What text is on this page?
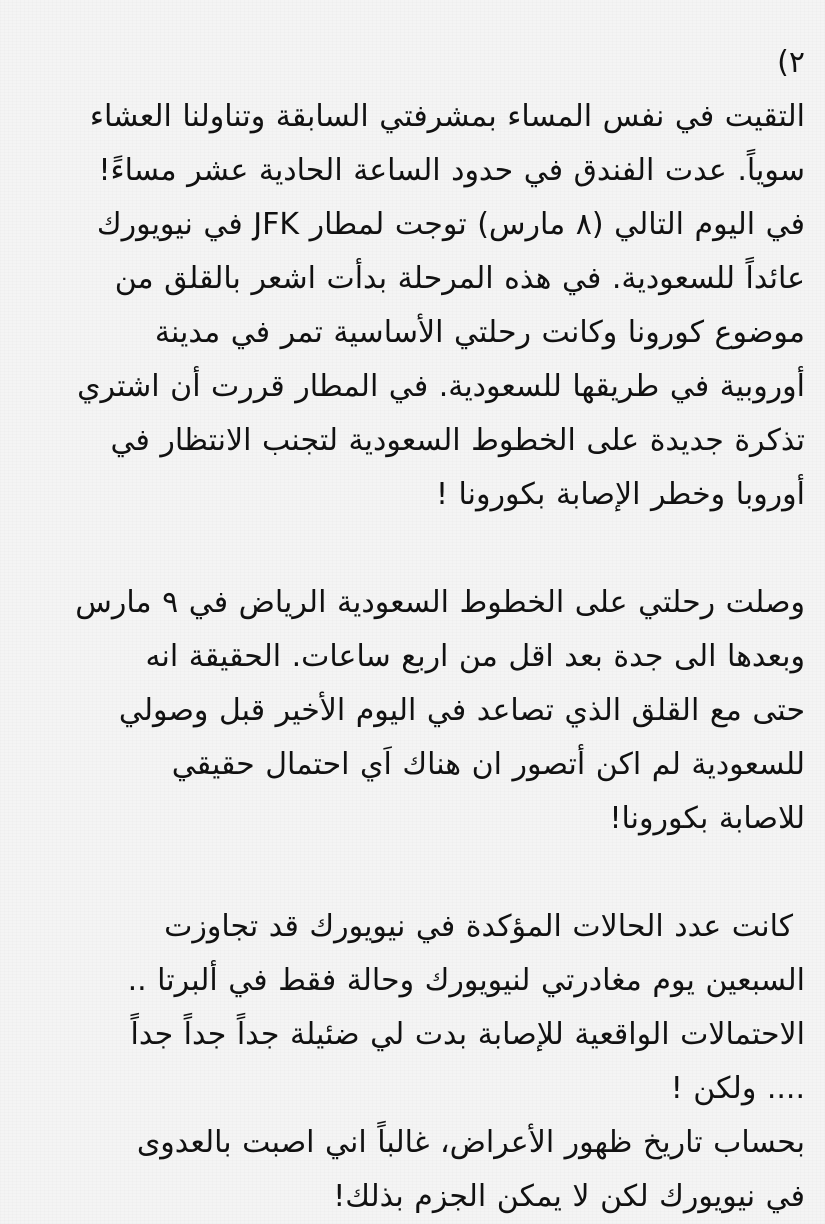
٢)
التقيت في نفس المساء بمشرفتي السابقة وتناولنا العشاء
سوياً. عدت الفندق في حدود الساعة الحادية عشر مساءً!
في اليوم التالي (٨ مارس) توجت لمطار JFK في نيويورك
عائداً للسعودية. في هذه المرحلة بدأت اشعر بالقلق من
موضوع كورونا وكانت رحلتي الأساسية تمر في مدينة
أوروبية في طريقها للسعودية. في المطار قررت أن اشتري
تذكرة جديدة على الخطوط السعودية لتجنب الانتظار في
أوروبا وخطر الإصابة بكورونا !
وصلت رحلتي على الخطوط السعودية الرياض في ٩ مارس
وبعدها الى جدة بعد اقل من اربع ساعات. الحقيقة انه
حتى مع القلق الذي تصاعد في اليوم الأخير قبل وصولي
للسعودية لم اكن أتصور ان هناك اَي احتمال حقيقي
للاصابة بكورونا!
كانت عدد الحالات المؤكدة في نيويورك قد تجاوزت
السبعين يوم مغادرتي لنيويورك وحالة فقط في ألبرتا ..
الاحتمالات الواقعية للإصابة بدت لي ضئيلة جداً جداً جداً
.... ولكن !
بحساب تاريخ ظهور الأعراض، غالباً اني اصبت بالعدوى
في نيويورك لكن لا يمكن الجزم بذلك!
